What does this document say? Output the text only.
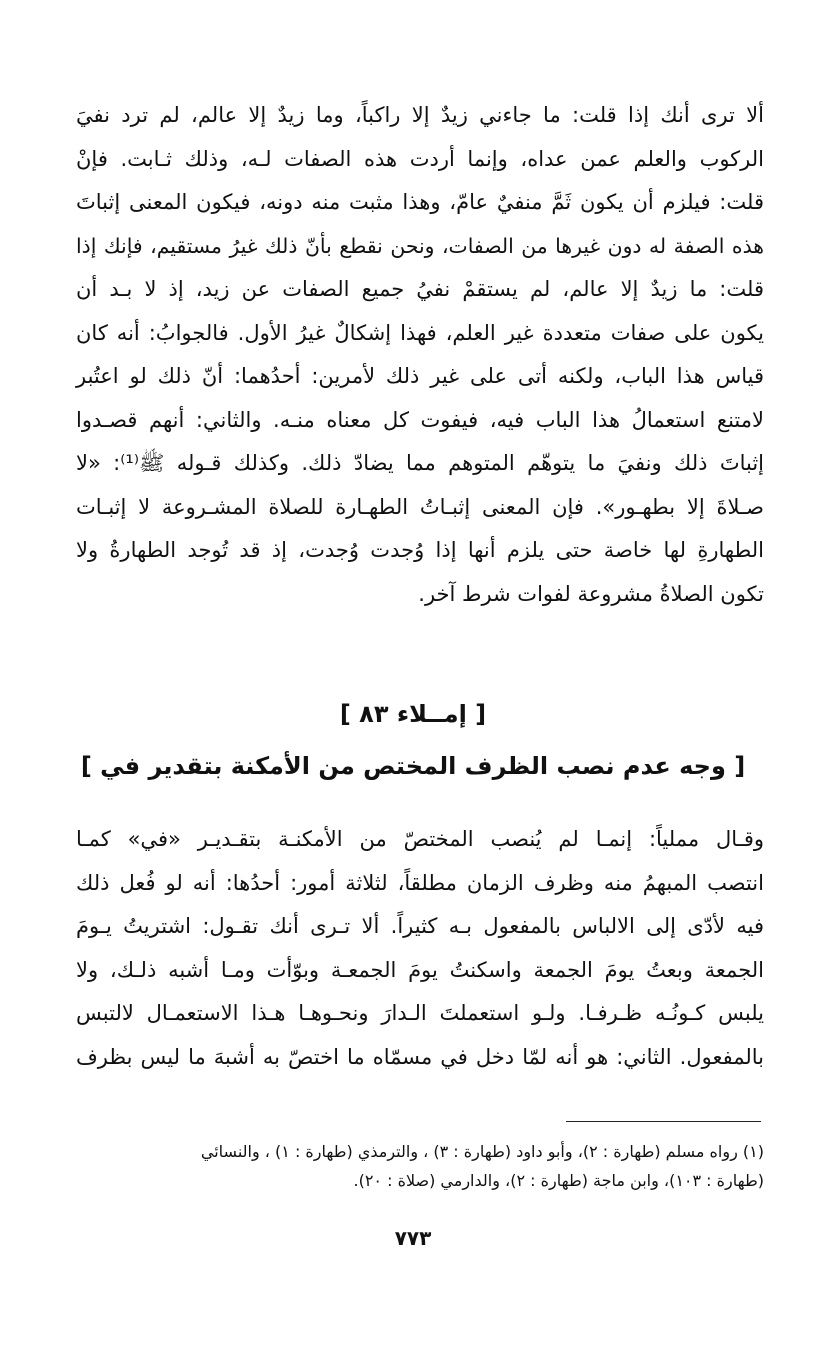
ألا ترى أنك إذا قلت: ما جاءني زيدٌ إلا راكباً، وما زيدٌ إلا عالم، لم ترد نفيَ
الركوب والعلم عمن عداه، وإنما أردت هذه الصفات لـه، وذلك ثـابت. فإنْ
قلت: فيلزم أن يكون ثَمَّ منفيٌ عامّ، وهذا مثبت منه دونه، فيكون المعنى إثباتَ
هذه الصفة له دون غيرها من الصفات، ونحن نقطع بأنّ ذلك غيرُ مستقيم، فإنك إذا
قلت: ما زيدٌ إلا عالم، لم يستقمْ نفيُ جميع الصفات عن زيد، إذ لا بـد أن
يكون على صفات متعددة غير العلم، فهذا إشكالٌ غيرُ الأول. فالجوابُ: أنه كان
قياس هذا الباب، ولكنه أتى على غير ذلك لأمرين: أحدُهما: أنّ ذلك لو اعتُبر
لامتنع استعمالُ هذا الباب فيه، فيفوت كل معناه منـه. والثاني: أنهم قصـدوا
إثباتَ ذلك ونفيَ ما يتوهّم المتوهم مما يضادّ ذلك. وكذلك قـوله ﷺ⁽¹⁾: «لا
صـلاةَ إلا بطهـور». فإن المعنى إثبـاتُ الطهـارة للصلاة المشـروعة لا إثبـات
الطهارةِ لها خاصة حتى يلزم أنها إذا وُجدت وُجدت، إذ قد تُوجد الطهارةُ ولا
تكون الصلاةُ مشروعة لفوات شرط آخر.
[ إمــلاء ٨٣ ]
[ وجه عدم نصب الظرف المختص من الأمكنة بتقدير في ]
وقـال مملياً: إنمـا لم يُنصب المختصّ من الأمكنـة بتقـديـر «في» كمـا
انتصب المبهمُ منه وظرف الزمان مطلقاً، لثلاثة أمور: أحدُها: أنه لو فُعل ذلك
فيه لأدّى إلى الالباس بالمفعول بـه كثيراً. ألا تـرى أنك تقـول: اشتريتُ يـومَ
الجمعة وبعتُ يومَ الجمعة واسكنتُ يومَ الجمعـة وبوّأت ومـا أشبه ذلـك، ولا
يلبس كـونُـه ظـرفـا. ولـو استعملتَ الـدارَ ونحـوهـا هـذا الاستعمـال لالتبس
بالمفعول. الثاني: هو أنه لمّا دخل في مسمّاه ما اختصّ به أشبهَ ما ليس بظرف
(١) رواه مسلم (طهارة : ٢)، وأبو داود (طهارة : ٣) ، والترمذي (طهارة : ١) ، والنسائي
(طهارة : ١٠٣)، وابن ماجة (طهارة : ٢)، والدارمي (صلاة : ٢٠).
٧٧٣
